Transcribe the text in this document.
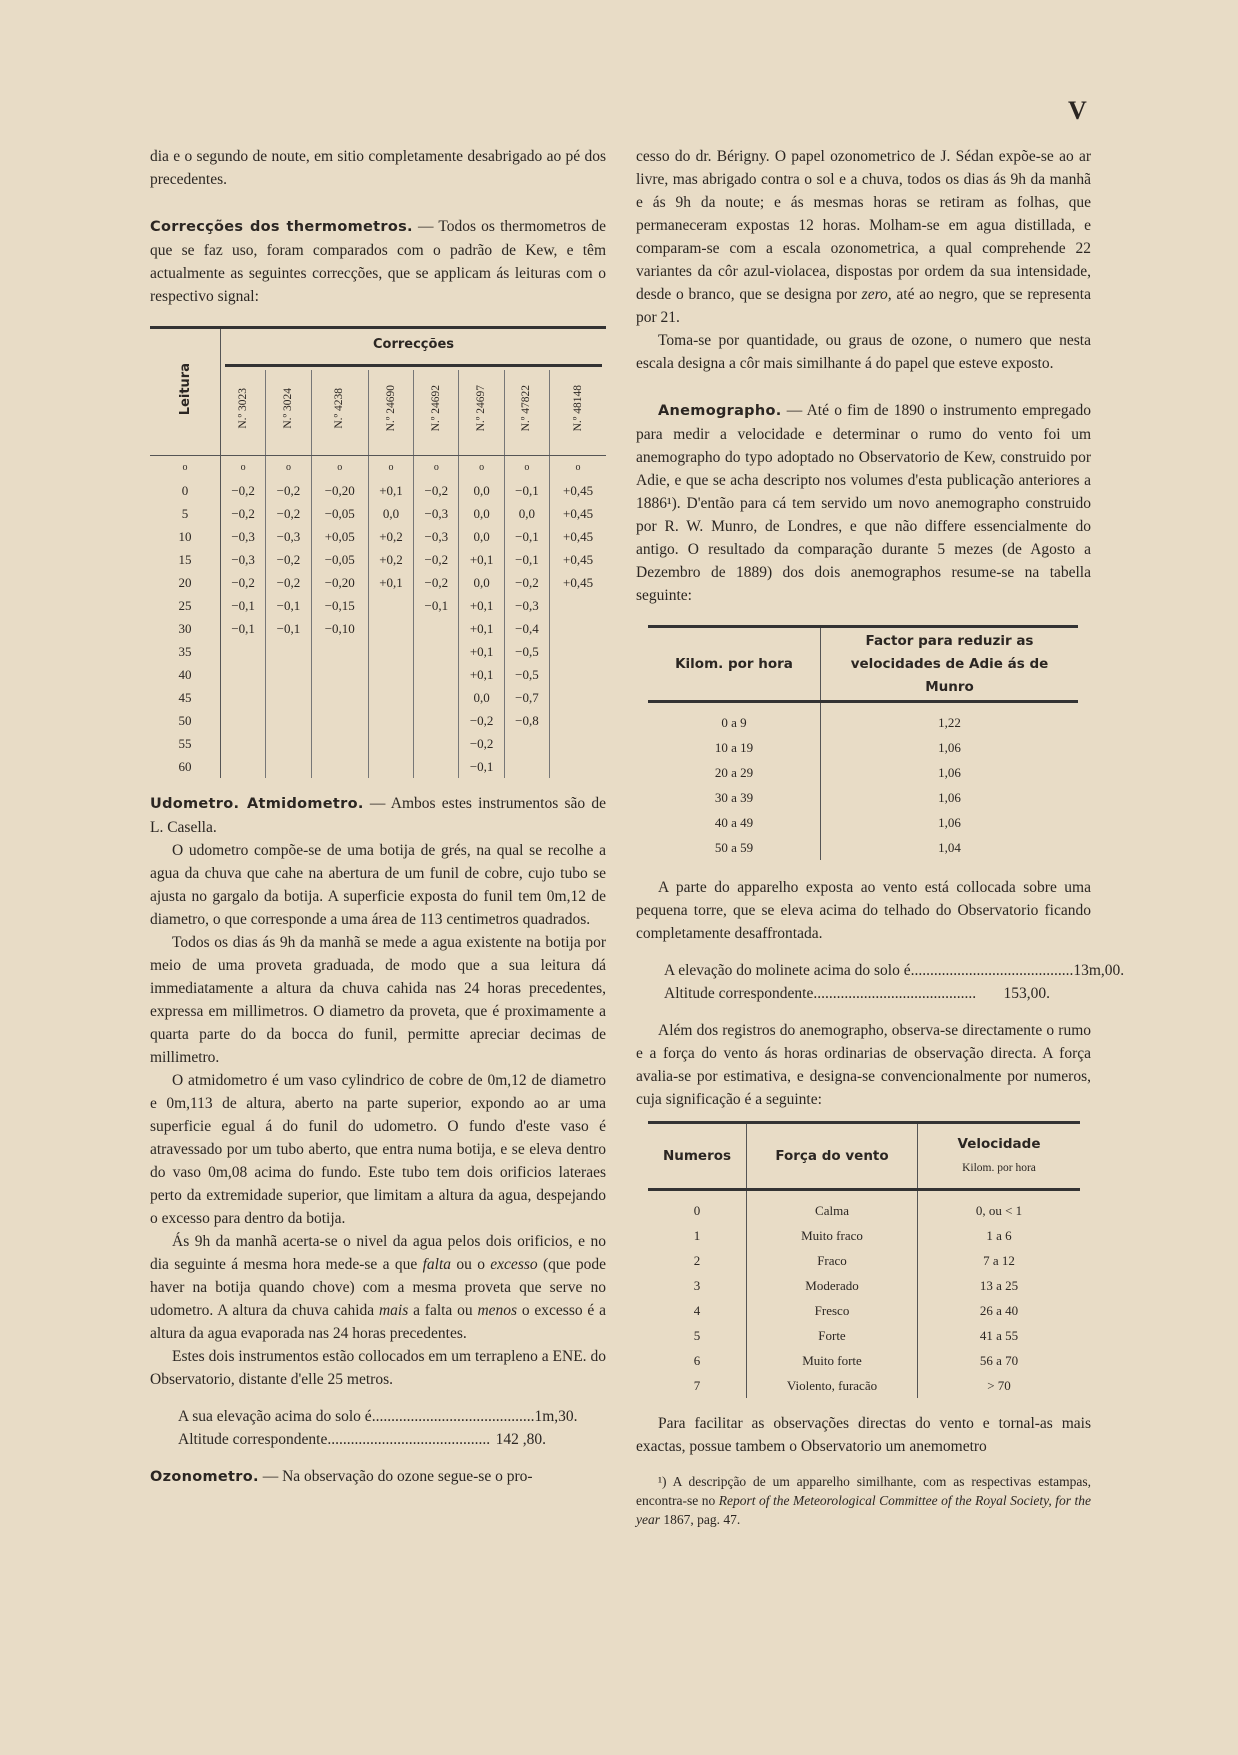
V

dia e o segundo de noute, em sitio completamente desabrigado ao pé dos precedentes.

Correcções dos thermometros. — Todos os thermometros de que se faz uso, foram comparados com o padrão de Kew, e têm actualmente as seguintes correcções, que se applicam ás leituras com o respectivo signal:

Leitura	Correcções							

	N.º 3023	N.º 3024	N.º 4238	N.º 24690	N.º 24692	N.º 24697	N.º 47822	N.º 48148
o	o	o	o	o	o	o	o	o
0	−0,2	−0,2	−0,20	+0,1	−0,2	0,0	−0,1	+0,45
5	−0,2	−0,2	−0,05	0,0	−0,3	0,0	0,0	+0,45
10	−0,3	−0,3	+0,05	+0,2	−0,3	0,0	−0,1	+0,45
15	−0,3	−0,2	−0,05	+0,2	−0,2	+0,1	−0,1	+0,45
20	−0,2	−0,2	−0,20	+0,1	−0,2	0,0	−0,2	+0,45
25	−0,1	−0,1	−0,15		−0,1	+0,1	−0,3	
30	−0,1	−0,1	−0,10			+0,1	−0,4	
35						+0,1	−0,5	
40						+0,1	−0,5	
45						0,0	−0,7	
50						−0,2	−0,8	
55						−0,2		
60						−0,1		

Udometro. Atmidometro. — Ambos estes instrumentos são de L. Casella.

O udometro compõe-se de uma botija de grés, na qual se recolhe a agua da chuva que cahe na abertura de um funil de cobre, cujo tubo se ajusta no gargalo da botija. A superficie exposta do funil tem 0m,12 de diametro, o que corresponde a uma área de 113 centimetros quadrados.

Todos os dias ás 9h da manhã se mede a agua existente na botija por meio de uma proveta graduada, de modo que a sua leitura dá immediatamente a altura da chuva cahida nas 24 horas precedentes, expressa em millimetros. O diametro da proveta, que é proximamente a quarta parte do da bocca do funil, permitte apreciar decimas de millimetro.

O atmidometro é um vaso cylindrico de cobre de 0m,12 de diametro e 0m,113 de altura, aberto na parte superior, expondo ao ar uma superficie egual á do funil do udometro. O fundo d'este vaso é atravessado por um tubo aberto, que entra numa botija, e se eleva dentro do vaso 0m,08 acima do fundo. Este tubo tem dois orificios lateraes perto da extremidade superior, que limitam a altura da agua, despejando o excesso para dentro da botija.

Ás 9h da manhã acerta-se o nivel da agua pelos dois orificios, e no dia seguinte á mesma hora mede-se a que falta ou o excesso (que pode haver na botija quando chove) com a mesma proveta que serve no udometro. A altura da chuva cahida mais a falta ou menos o excesso é a altura da agua evaporada nas 24 horas precedentes.

Estes dois instrumentos estão collocados em um terrapleno a ENE. do Observatorio, distante d'elle 25 metros.

A sua elevação acima do solo é .......................................... 1m,30.
Altitude correspondente .......................................... 142 ,80.

Ozonometro. — Na observação do ozone segue-se o pro-

cesso do dr. Bérigny. O papel ozonometrico de J. Sédan expõe-se ao ar livre, mas abrigado contra o sol e a chuva, todos os dias ás 9h da manhã e ás 9h da noute; e ás mesmas horas se retiram as folhas, que permaneceram expostas 12 horas. Molham-se em agua distillada, e comparam-se com a escala ozonometrica, a qual comprehende 22 variantes da côr azul-violacea, dispostas por ordem da sua intensidade, desde o branco, que se designa por zero, até ao negro, que se representa por 21.

Toma-se por quantidade, ou graus de ozone, o numero que nesta escala designa a côr mais similhante á do papel que esteve exposto.

Anemographo. — Até o fim de 1890 o instrumento empregado para medir a velocidade e determinar o rumo do vento foi um anemographo do typo adoptado no Observatorio de Kew, construido por Adie, e que se acha descripto nos volumes d'esta publicação anteriores a 1886¹). D'então para cá tem servido um novo anemographo construido por R. W. Munro, de Londres, e que não differe essencialmente do antigo. O resultado da comparação durante 5 mezes (de Agosto a Dezembro de 1889) dos dois anemographos resume-se na tabella seguinte:

Kilom. por hora	Factor para reduzir as velocidades de Adie ás de Munro
0 a 9	1,22
10 a 19	1,06
20 a 29	1,06
30 a 39	1,06
40 a 49	1,06
50 a 59	1,04

A parte do apparelho exposta ao vento está collocada sobre uma pequena torre, que se eleva acima do telhado do Observatorio ficando completamente desaffrontada.

A elevação do molinete acima do solo é .......................................... 13m,00.
Altitude correspondente ..........................................	153,00.

Além dos registros do anemographo, observa-se directamente o rumo e a força do vento ás horas ordinarias de observação directa. A força avalia-se por estimativa, e designa-se convencionalmente por numeros, cuja significação é a seguinte:

Numeros	Força do vento	Velocidade
Kilom. por hora
0	Calma	0, ou < 1
1	Muito fraco	1 a 6
2	Fraco	7 a 12
3	Moderado	13 a 25
4	Fresco	26 a 40
5	Forte	41 a 55
6	Muito forte	56 a 70
7	Violento, furacão	> 70

Para facilitar as observações directas do vento e tornal-as mais exactas, possue tambem o Observatorio um anemometro

¹) A descripção de um apparelho similhante, com as respectivas estampas, encontra-se no Report of the Meteorological Committee of the Royal Society, for the year 1867, pag. 47.
